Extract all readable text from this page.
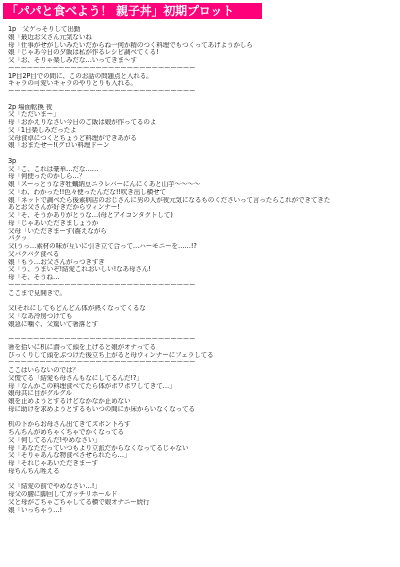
「パパと食べよう！ 親子丼」初期プロット
1p　父ゲっそりして出勤
娘「最近お父さん元気ないね
母「仕事がせがしいみたいだからね一何か精のつく料理でもつくってあげようかしら
娘「じゃあ今日の夕飯は私が作るレシピ調べてくる!
父「お、そりゃ楽しみだな…いってきま～す
ーーーーーーーーーーーーーーーーーーーーーーーーーーーーーー
1P目2P目での間に、このお話の問題点と入れる。
キャラの可愛いキャラのやりとりも入れる。
ーーーーーーーーーーーーーーーーーーーーーーーーーーーーーー
2p 場面転換 夜
父「ただいまー」
母「おかえりなさい今日のご飯は娘が作ってるのよ
父「1日楽しみだったよ
父母食卓につくとちょうど料理ができあがる
娘「おまたせー!(グロい料理ドーン
3p
父「こ、これは豪華…だな……
母「何使ったのかしら…？
娘「スーっとうなぎ牡蠣納豆ニラレバーにんにくあと山芋～～～～
父「わ、わかった!!色々使ったんだな!!吹き出し横せて
娘「ネットで調べたら後素病店のおじさんに男の人が夜元気になるものくださいって言ったらこれができてきた
あとお父さんが好きだからウィンナー!
父「そ、そうかありがとうな…(母とアイコンタクトして)
母「じゃあいただきましょうか
父母「いただきまーす(震えながら
パクッ
父(うっ…素材の味が互いに引き立て合って…ハーモニーを……!?
父バクバク食べる
娘「もう…お父さんがっつきすぎ
父「う、うまいぞ!結愛これおいしい!なあ母さん!
母「そ、そうね…
ーーーーーーーーーーーーーーーーーーーーーーーーーーーーーー
ここまで見開きで。
父(それにしてもどんどん体が熱くなってくるな
父「なあ冷房つけても
娘急に噛ぐ、父驚いて箸落とす
ーーーーーーーーーーーーーーーーーーーーーーーーーーーーーー
箸を拾いに机に潜って頭を上げると娘がオナってる
びっくりして頭をぶつけた後立ち上がると母ウィンナーにフェラしてる
ーーーーーーーーーーーーーーーーーーーーーーーーーーーーーー
ここはいらないのでは？
父慌てる「結愛も母さんもなにしてるんだ!?」
母「なんかこの料理食べてたら体がポワポワしてきて…」
娘母共に目がグルグル
娘を止めようとするけどなかなか止めない
母に助けを求めようとするもいつの間にか床からいなくなってる
机の下からお母さん出てきてズボン下ろす
ちんちんがめちゃくちゃでかくなってる
父「何してるんだ!やめなさい」
母「あなただっていつもより立派だからなくなってるじゃない
父「そりゃあんな物食べさせられたら…」
母「それじゃあいただきまーす
母ちんちん咥える
父「結愛の前でやめなさい…!」
母父の腰に脚回してガッチリホールド
父と母がごちゃごちゃしてる横で娘オナニー続行
娘「いっちゃう…!
